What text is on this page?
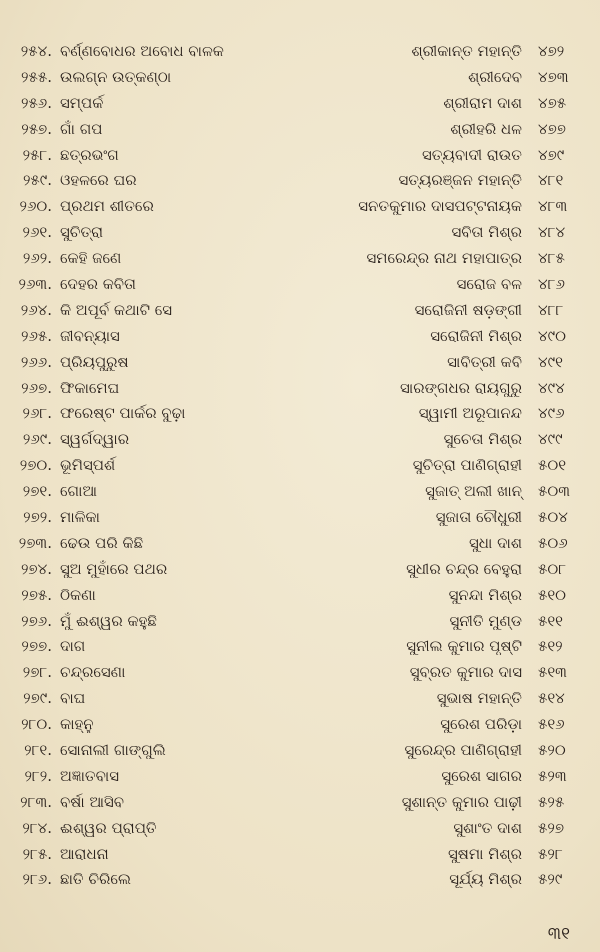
୨୫୪. ବର୍ଣ୍ଣବୋଧର ଅବୋଧ ବାଳକ	ଶ୍ରୀକାନ୍ତ ମହାନ୍ତି	୪୭୨
୨୫୫. ଉଲଗ୍ନ ଉତ୍କଣ୍ଠା	ଶ୍ରୀଦେବ	୪୭୩
୨୫୬. ସମ୍ପର୍କ	ଶ୍ରୀରାମ ଦାଶ	୪୭୫
୨୫୭. ଗାଁ ଗପ	ଶ୍ରୀହରି ଧଳ	୪୭୭
୨୫୮. ଛତ୍ରଭଂଗ	ସତ୍ୟବାଦୀ ରାଉତ	୪୭୯
୨୫୯. ଓହଳରେ ଘର	ସତ୍ୟରଞ୍ଜନ ମହାନ୍ତି	୪୮୧
୨୬୦. ପ୍ରଥମ ଶୀତରେ	ସନତକୁମାର ଦାସପଟ୍ଟନାୟକ	୪୮୩
୨୬୧. ସୁଚିତ୍ରା	ସବିତା ମିଶ୍ର	୪୮୪
୨୬୨. କେହି ଜଣେ	ସମରେନ୍ଦ୍ର ନାଥ ମହାପାତ୍ର	୪୮୫
୨୬୩. ଦେହର କବିତା	ସରୋଜ ବଳ	୪୮୬
୨୬୪. କି ଅପୂର୍ବ କଥାଟି ସେ	ସରୋଜିନୀ ଷଡ଼ଙ୍ଗୀ	୪୮୮
୨୬୫. ଜୀବନ୍ୟାସ	ସରୋଜିନୀ ମିଶ୍ର	୪୯୦
୨୬୬. ପ୍ରିୟପୁରୁଷ	ସାବିତ୍ରୀ କବି	୪୯୧
୨୬୭. ଫିକାମେଘ	ସାରଙ୍ଗଧର ରାୟଗୁରୁ	୪୯୪
୨୬୮. ଫରେଷ୍ଟ ପାର୍କର ବୁଢ଼ା	ସ୍ୱାମୀ ଅରୂପାନନ୍ଦ	୪୯୬
୨୬୯. ସ୍ୱର୍ଗଦ୍ୱାର	ସୁଚେତା ମିଶ୍ର	୪୯୯
୨୭୦. ଭୂମିସ୍ପର୍ଶ	ସୁଚିତ୍ରା ପାଣିଗ୍ରାହୀ	୫୦୧
୨୭୧. ଗୋଆ	ସୁଜାତ୍ ଅଲୀ ଖାନ୍	୫୦୩
୨୭୨. ମାଳିକା	ସୁଜାତା ଚୌଧୁରୀ	୫୦୪
୨୭୩. ଢେଉ ପରି କିଛି	ସୁଧା ଦାଶ	୫୦୬
୨୭୪. ସୁଅ ମୁହାଁରେ ପଥର	ସୁଧୀର ଚନ୍ଦ୍ର ବେହୁରା	୫୦୮
୨୭୫. ଠିକଣା	ସୁନନ୍ଦା ମିଶ୍ର	୫୧୦
୨୭୬. ମୁଁ ଈଶ୍ୱର କହୁଛି	ସୁନୀତି ମୁଣ୍ଡ	୫୧୧
୨୭୭. ଦାଗ	ସୁନୀଲ କୁମାର ପୃଷ୍ଟି	୫୧୨
୨୭୮. ଚନ୍ଦ୍ରସେଣା	ସୁବ୍ରତ କୁମାର ଦାସ	୫୧୩
୨୭୯. ବାଘ	ସୁଭାଷ ମହାନ୍ତି	୫୧୪
୨୮୦. କାହ୍ନୁ	ସୁରେଶ ପରିଡ଼ା	୫୧୬
୨୮୧. ସୋନାଲୀ ଗାଙ୍ଗୁଲି	ସୁରେନ୍ଦ୍ର ପାଣିଗ୍ରାହୀ	୫୨୦
୨୮୨. ଅଜ୍ଞାତବାସ	ସୁରେଶ ସାଗର	୫୨୩
୨୮୩. ବର୍ଷା ଆସିବ	ସୁଶାନ୍ତ କୁମାର ପାଢ଼ୀ	୫୨୫
୨୮୪. ଈଶ୍ୱର ପ୍ରାପ୍ତି	ସୁଶାଂତ ଦାଶ	୫୨୭
୨୮୫. ଆରାଧନା	ସୁଷମା ମିଶ୍ର	୫୨୮
୨୮୬. ଛାତି ଚିରିଲେ	ସୂର୍ଯ୍ୟ ମିଶ୍ର	୫୨୯
୩୧
